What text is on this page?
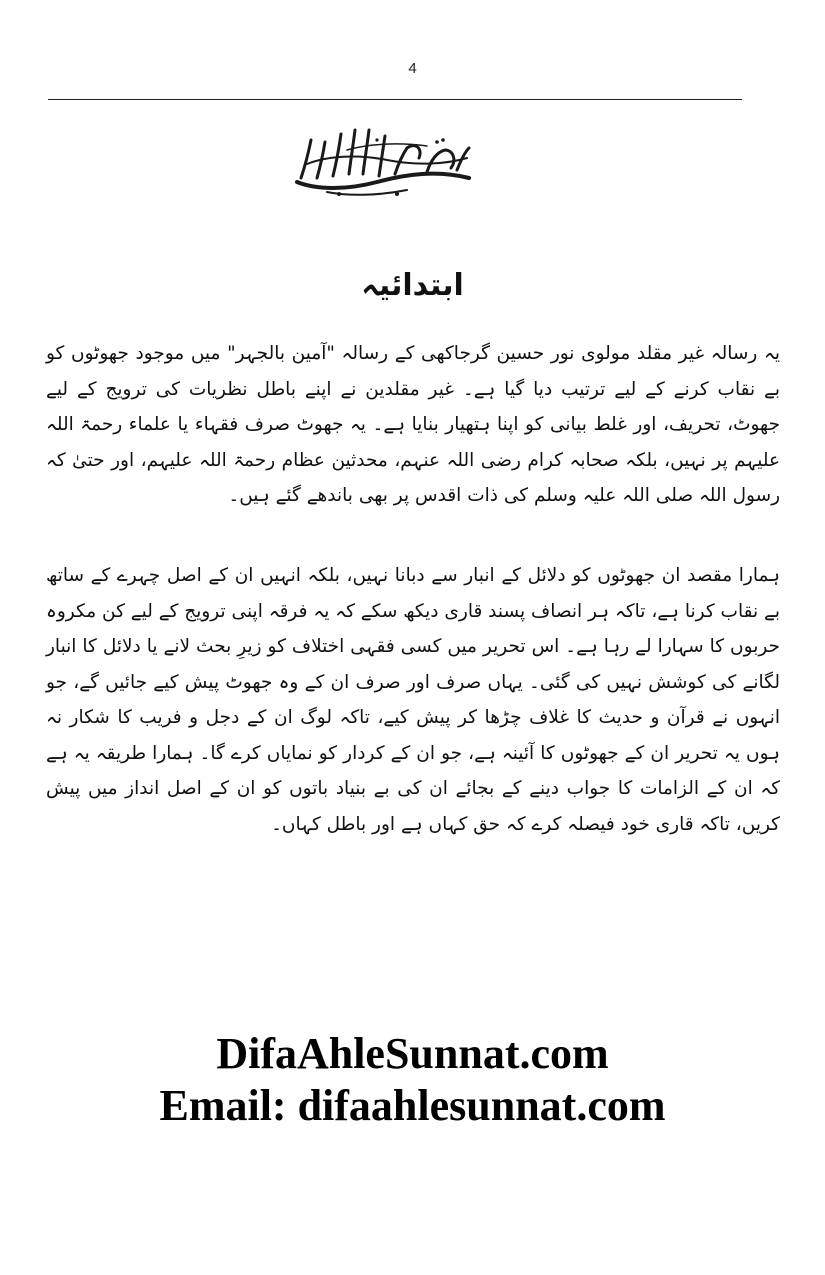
4
ابتدائیہ
یہ رسالہ غیر مقلد مولوی نور حسین گرجاکھی کے رسالہ "آمین بالجہر" میں موجود جھوٹوں کو بے نقاب کرنے کے لیے ترتیب دیا گیا ہے۔ غیر مقلدین نے اپنے باطل نظریات کی ترویج کے لیے جھوٹ، تحریف، اور غلط بیانی کو اپنا ہتھیار بنایا ہے۔ یہ جھوٹ صرف فقہاء یا علماء رحمۃ اللہ علیہم پر نہیں، بلکہ صحابہ کرام رضی اللہ عنہم، محدثین عظام رحمۃ اللہ علیہم، اور حتیٰ کہ رسول اللہ صلی اللہ علیہ وسلم کی ذات اقدس پر بھی باندھے گئے ہیں۔
ہمارا مقصد ان جھوٹوں کو دلائل کے انبار سے دبانا نہیں، بلکہ انہیں ان کے اصل چہرے کے ساتھ بے نقاب کرنا ہے، تاکہ ہر انصاف پسند قاری دیکھ سکے کہ یہ فرقہ اپنی ترویج کے لیے کن مکروہ حربوں کا سہارا لے رہا ہے۔ اس تحریر میں کسی فقہی اختلاف کو زیرِ بحث لانے یا دلائل کا انبار لگانے کی کوشش نہیں کی گئی۔ یہاں صرف اور صرف ان کے وہ جھوٹ پیش کیے جائیں گے، جو انہوں نے قرآن و حدیث کا غلاف چڑھا کر پیش کیے، تاکہ لوگ ان کے دجل و فریب کا شکار نہ ہوں یہ تحریر ان کے جھوٹوں کا آئینہ ہے، جو ان کے کردار کو نمایاں کرے گا۔ ہمارا طریقہ یہ ہے کہ ان کے الزامات کا جواب دینے کے بجائے ان کی بے بنیاد باتوں کو ان کے اصل انداز میں پیش کریں، تاکہ قاری خود فیصلہ کرے کہ حق کہاں ہے اور باطل کہاں۔
DifaAhleSunnat.com
Email: difaahlesunnat.com
